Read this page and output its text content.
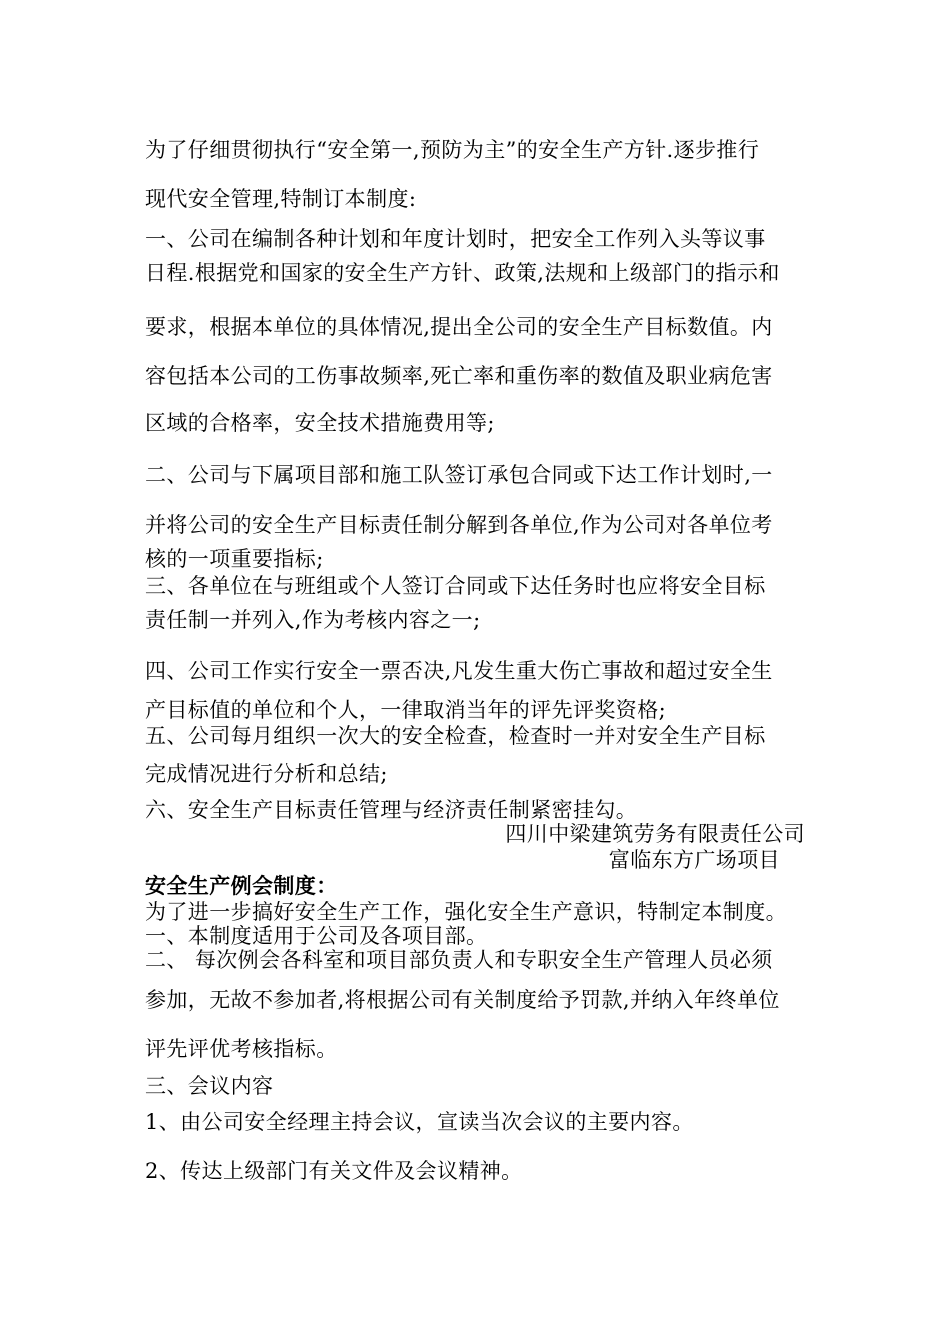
为了仔细贯彻执行“安全第一,预防为主”的安全生产方针.逐步推行
现代安全管理,特制订本制度:
一、公司在编制各种计划和年度计划时，把安全工作列入头等议事
日程.根据党和国家的安全生产方针、政策,法规和上级部门的指示和
要求，根据本单位的具体情况,提出全公司的安全生产目标数值。内
容包括本公司的工伤事故频率,死亡率和重伤率的数值及职业病危害
区域的合格率，安全技术措施费用等;
二、公司与下属项目部和施工队签订承包合同或下达工作计划时,一
并将公司的安全生产目标责任制分解到各单位,作为公司对各单位考
核的一项重要指标;
三、各单位在与班组或个人签订合同或下达任务时也应将安全目标
责任制一并列入,作为考核内容之一;
四、公司工作实行安全一票否决,凡发生重大伤亡事故和超过安全生
产目标值的单位和个人，一律取消当年的评先评奖资格;
五、公司每月组织一次大的安全检查，检查时一并对安全生产目标
完成情况进行分析和总结;
六、安全生产目标责任管理与经济责任制紧密挂勾。
四川中梁建筑劳务有限责任公司
富临东方广场项目
安全生产例会制度：
为了进一步搞好安全生产工作，强化安全生产意识，特制定本制度。
一、本制度适用于公司及各项目部。
二、 每次例会各科室和项目部负责人和专职安全生产管理人员必须
参加，无故不参加者,将根据公司有关制度给予罚款,并纳入年终单位
评先评优考核指标。
三、会议内容
1、由公司安全经理主持会议，宣读当次会议的主要内容。
2、传达上级部门有关文件及会议精神。
